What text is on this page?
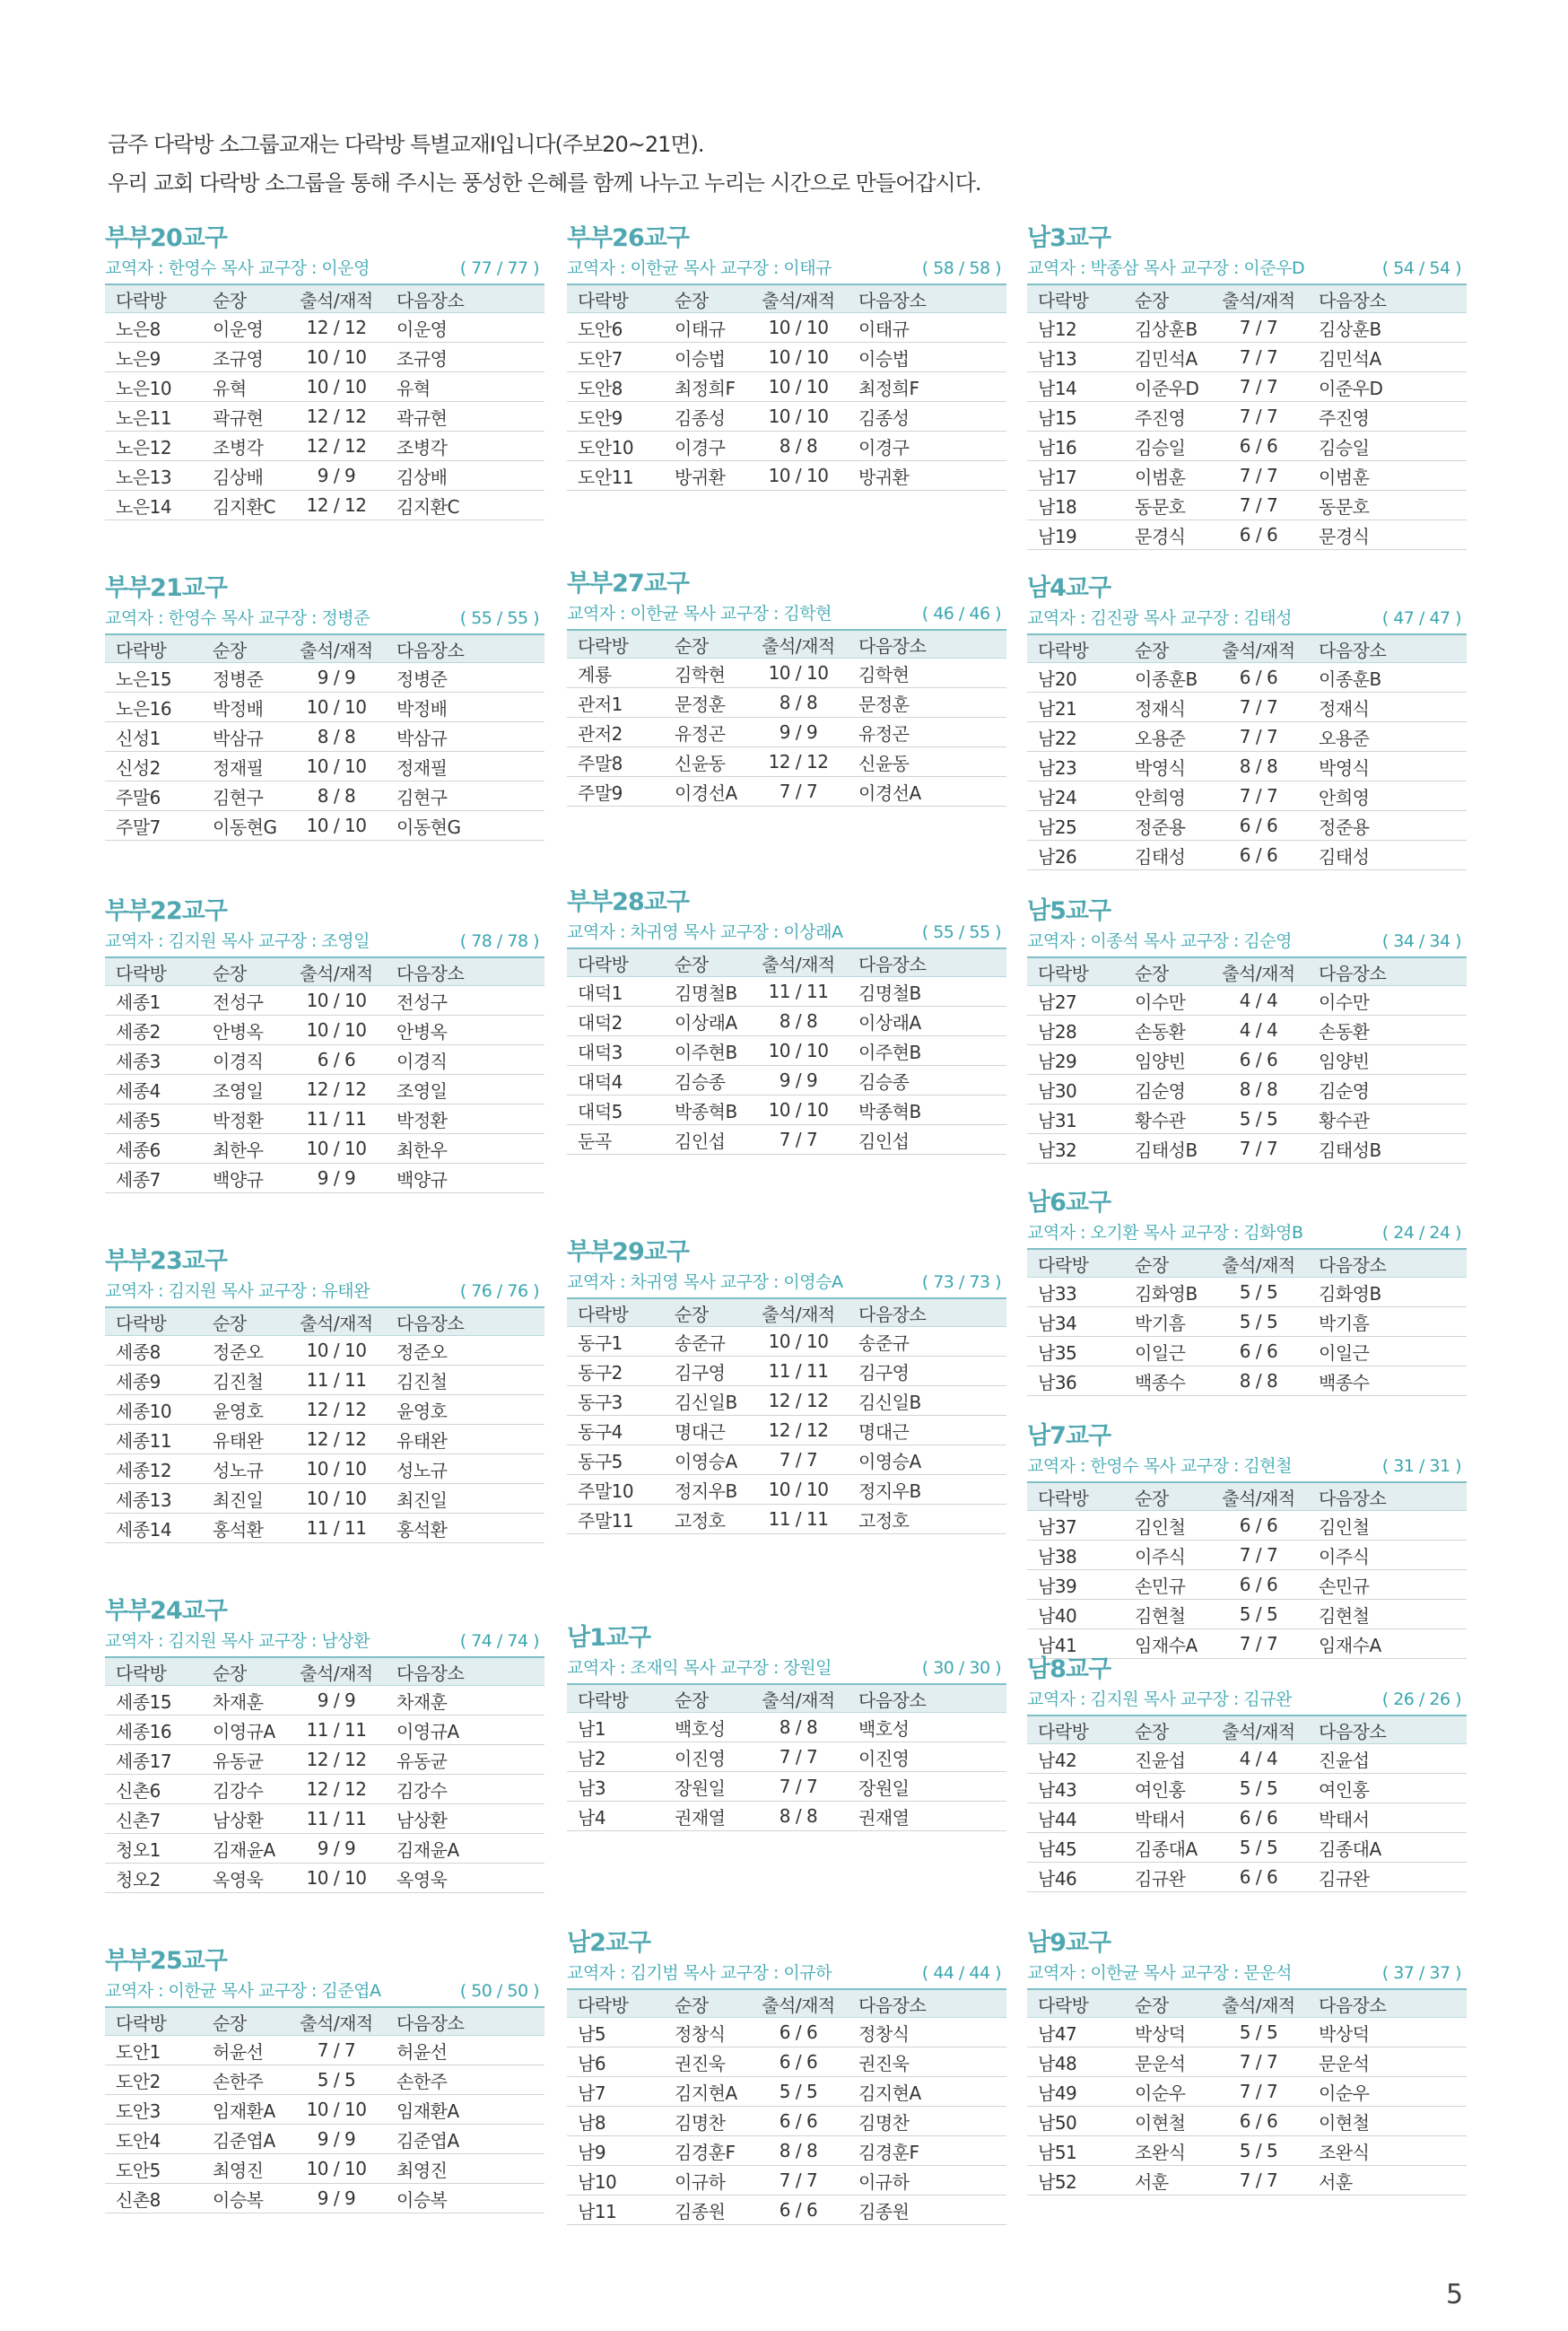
금주 다락방 소그룹교재는 다락방 특별교재Ⅰ입니다(주보20~21면).

우리 교회 다락방 소그룹을 통해 주시는 풍성한 은혜를 함께 나누고 누리는 시간으로 만들어갑시다.

부부20교구
교역자 : 한영수 목사 교구장 : 이운영	( 77 / 77 )
다락방	순장	출석/재적	다음장소
노은8	이운영	12 / 12	이운영
노은9	조규영	10 / 10	조규영
노은10	유혁	10 / 10	유혁
노은11	곽규현	12 / 12	곽규현
노은12	조병각	12 / 12	조병각
노은13	김상배	9 / 9	김상배
노은14	김지환C	12 / 12	김지환C
부부21교구
교역자 : 한영수 목사 교구장 : 정병준	( 55 / 55 )
다락방	순장	출석/재적	다음장소
노은15	정병준	9 / 9	정병준
노은16	박정배	10 / 10	박정배
신성1	박삼규	8 / 8	박삼규
신성2	정재필	10 / 10	정재필
주말6	김현구	8 / 8	김현구
주말7	이동현G	10 / 10	이동현G
부부22교구
교역자 : 김지원 목사 교구장 : 조영일	( 78 / 78 )
다락방	순장	출석/재적	다음장소
세종1	전성구	10 / 10	전성구
세종2	안병옥	10 / 10	안병옥
세종3	이경직	6 / 6	이경직
세종4	조영일	12 / 12	조영일
세종5	박정환	11 / 11	박정환
세종6	최한우	10 / 10	최한우
세종7	백양규	9 / 9	백양규
부부23교구
교역자 : 김지원 목사 교구장 : 유태완	( 76 / 76 )
다락방	순장	출석/재적	다음장소
세종8	정준오	10 / 10	정준오
세종9	김진철	11 / 11	김진철
세종10	윤영호	12 / 12	윤영호
세종11	유태완	12 / 12	유태완
세종12	성노규	10 / 10	성노규
세종13	최진일	10 / 10	최진일
세종14	홍석환	11 / 11	홍석환
부부24교구
교역자 : 김지원 목사 교구장 : 남상환	( 74 / 74 )
다락방	순장	출석/재적	다음장소
세종15	차재훈	9 / 9	차재훈
세종16	이영규A	11 / 11	이영규A
세종17	유동균	12 / 12	유동균
신촌6	김강수	12 / 12	김강수
신촌7	남상환	11 / 11	남상환
청오1	김재윤A	9 / 9	김재윤A
청오2	옥영욱	10 / 10	옥영욱
부부25교구
교역자 : 이한균 목사 교구장 : 김준엽A	( 50 / 50 )
다락방	순장	출석/재적	다음장소
도안1	허윤선	7 / 7	허윤선
도안2	손한주	5 / 5	손한주
도안3	임재환A	10 / 10	임재환A
도안4	김준엽A	9 / 9	김준엽A
도안5	최영진	10 / 10	최영진
신촌8	이승복	9 / 9	이승복
부부26교구
교역자 : 이한균 목사 교구장 : 이태규	( 58 / 58 )
다락방	순장	출석/재적	다음장소
도안6	이태규	10 / 10	이태규
도안7	이승법	10 / 10	이승법
도안8	최정희F	10 / 10	최정희F
도안9	김종성	10 / 10	김종성
도안10	이경구	8 / 8	이경구
도안11	방귀환	10 / 10	방귀환
부부27교구
교역자 : 이한균 목사 교구장 : 김학현	( 46 / 46 )
다락방	순장	출석/재적	다음장소
계룡	김학현	10 / 10	김학현
관저1	문정훈	8 / 8	문정훈
관저2	유정곤	9 / 9	유정곤
주말8	신윤동	12 / 12	신윤동
주말9	이경선A	7 / 7	이경선A
부부28교구
교역자 : 차귀영 목사 교구장 : 이상래A	( 55 / 55 )
다락방	순장	출석/재적	다음장소
대덕1	김명철B	11 / 11	김명철B
대덕2	이상래A	8 / 8	이상래A
대덕3	이주현B	10 / 10	이주현B
대덕4	김승종	9 / 9	김승종
대덕5	박종혁B	10 / 10	박종혁B
둔곡	김인섭	7 / 7	김인섭
부부29교구
교역자 : 차귀영 목사 교구장 : 이영승A	( 73 / 73 )
다락방	순장	출석/재적	다음장소
동구1	송준규	10 / 10	송준규
동구2	김구영	11 / 11	김구영
동구3	김신일B	12 / 12	김신일B
동구4	명대근	12 / 12	명대근
동구5	이영승A	7 / 7	이영승A
주말10	정지우B	10 / 10	정지우B
주말11	고정호	11 / 11	고정호
남1교구
교역자 : 조재익 목사 교구장 : 장원일	( 30 / 30 )
다락방	순장	출석/재적	다음장소
남1	백호성	8 / 8	백호성
남2	이진영	7 / 7	이진영
남3	장원일	7 / 7	장원일
남4	권재열	8 / 8	권재열
남2교구
교역자 : 김기범 목사 교구장 : 이규하	( 44 / 44 )
다락방	순장	출석/재적	다음장소
남5	정창식	6 / 6	정창식
남6	권진욱	6 / 6	권진욱
남7	김지현A	5 / 5	김지현A
남8	김명찬	6 / 6	김명찬
남9	김경훈F	8 / 8	김경훈F
남10	이규하	7 / 7	이규하
남11	김종원	6 / 6	김종원
남3교구
교역자 : 박종삼 목사 교구장 : 이준우D	( 54 / 54 )
다락방	순장	출석/재적	다음장소
남12	김상훈B	7 / 7	김상훈B
남13	김민석A	7 / 7	김민석A
남14	이준우D	7 / 7	이준우D
남15	주진영	7 / 7	주진영
남16	김승일	6 / 6	김승일
남17	이범훈	7 / 7	이범훈
남18	동문호	7 / 7	동문호
남19	문경식	6 / 6	문경식
남4교구
교역자 : 김진광 목사 교구장 : 김태성	( 47 / 47 )
다락방	순장	출석/재적	다음장소
남20	이종훈B	6 / 6	이종훈B
남21	정재식	7 / 7	정재식
남22	오용준	7 / 7	오용준
남23	박영식	8 / 8	박영식
남24	안희영	7 / 7	안희영
남25	정준용	6 / 6	정준용
남26	김태성	6 / 6	김태성
남5교구
교역자 : 이종석 목사 교구장 : 김순영	( 34 / 34 )
다락방	순장	출석/재적	다음장소
남27	이수만	4 / 4	이수만
남28	손동환	4 / 4	손동환
남29	임양빈	6 / 6	임양빈
남30	김순영	8 / 8	김순영
남31	황수관	5 / 5	황수관
남32	김태성B	7 / 7	김태성B
남6교구
교역자 : 오기환 목사 교구장 : 김화영B	( 24 / 24 )
다락방	순장	출석/재적	다음장소
남33	김화영B	5 / 5	김화영B
남34	박기흠	5 / 5	박기흠
남35	이일근	6 / 6	이일근
남36	백종수	8 / 8	백종수
남7교구
교역자 : 한영수 목사 교구장 : 김현철	( 31 / 31 )
다락방	순장	출석/재적	다음장소
남37	김인철	6 / 6	김인철
남38	이주식	7 / 7	이주식
남39	손민규	6 / 6	손민규
남40	김현철	5 / 5	김현철
남41	임재수A	7 / 7	임재수A
남8교구
교역자 : 김지원 목사 교구장 : 김규완	( 26 / 26 )
다락방	순장	출석/재적	다음장소
남42	진윤섭	4 / 4	진윤섭
남43	여인홍	5 / 5	여인홍
남44	박태서	6 / 6	박태서
남45	김종대A	5 / 5	김종대A
남46	김규완	6 / 6	김규완
남9교구
교역자 : 이한균 목사 교구장 : 문운석	( 37 / 37 )
다락방	순장	출석/재적	다음장소
남47	박상덕	5 / 5	박상덕
남48	문운석	7 / 7	문운석
남49	이순우	7 / 7	이순우
남50	이현철	6 / 6	이현철
남51	조완식	5 / 5	조완식
남52	서훈	7 / 7	서훈
5
